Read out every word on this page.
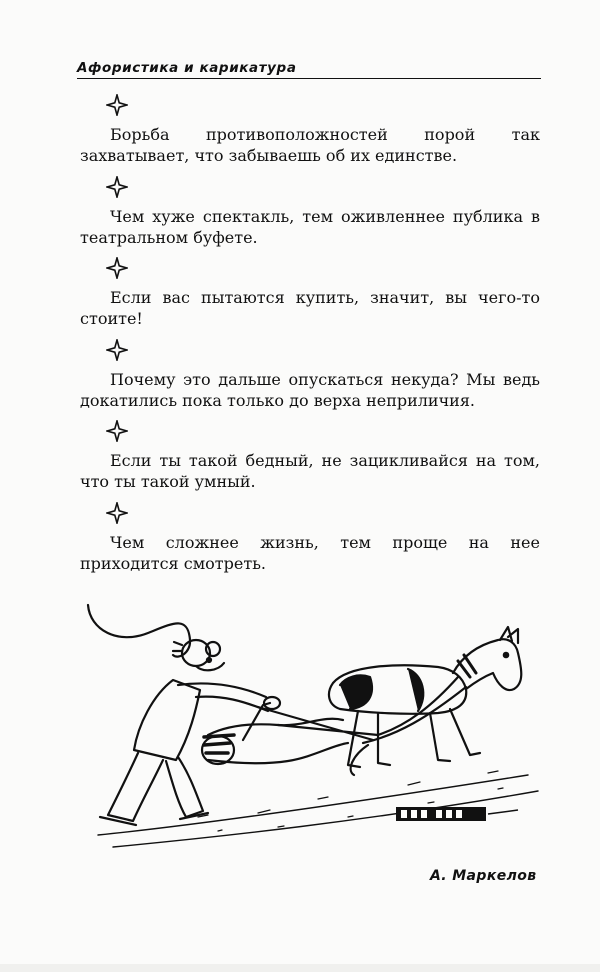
Афористика и карикатура

Борьба противоположностей порой так захватывает, что забываешь об их единстве.

Чем хуже спектакль, тем оживленнее публика в театральном буфете.

Если вас пытаются купить, значит, вы чего-то стоите!

Почему это дальше опускаться некуда? Мы ведь докатились пока только до верха неприличия.

Если ты такой бедный, не зацикливайся на том, что ты такой умный.

Чем сложнее жизнь, тем проще на нее приходится смотреть.

А. Маркелов
